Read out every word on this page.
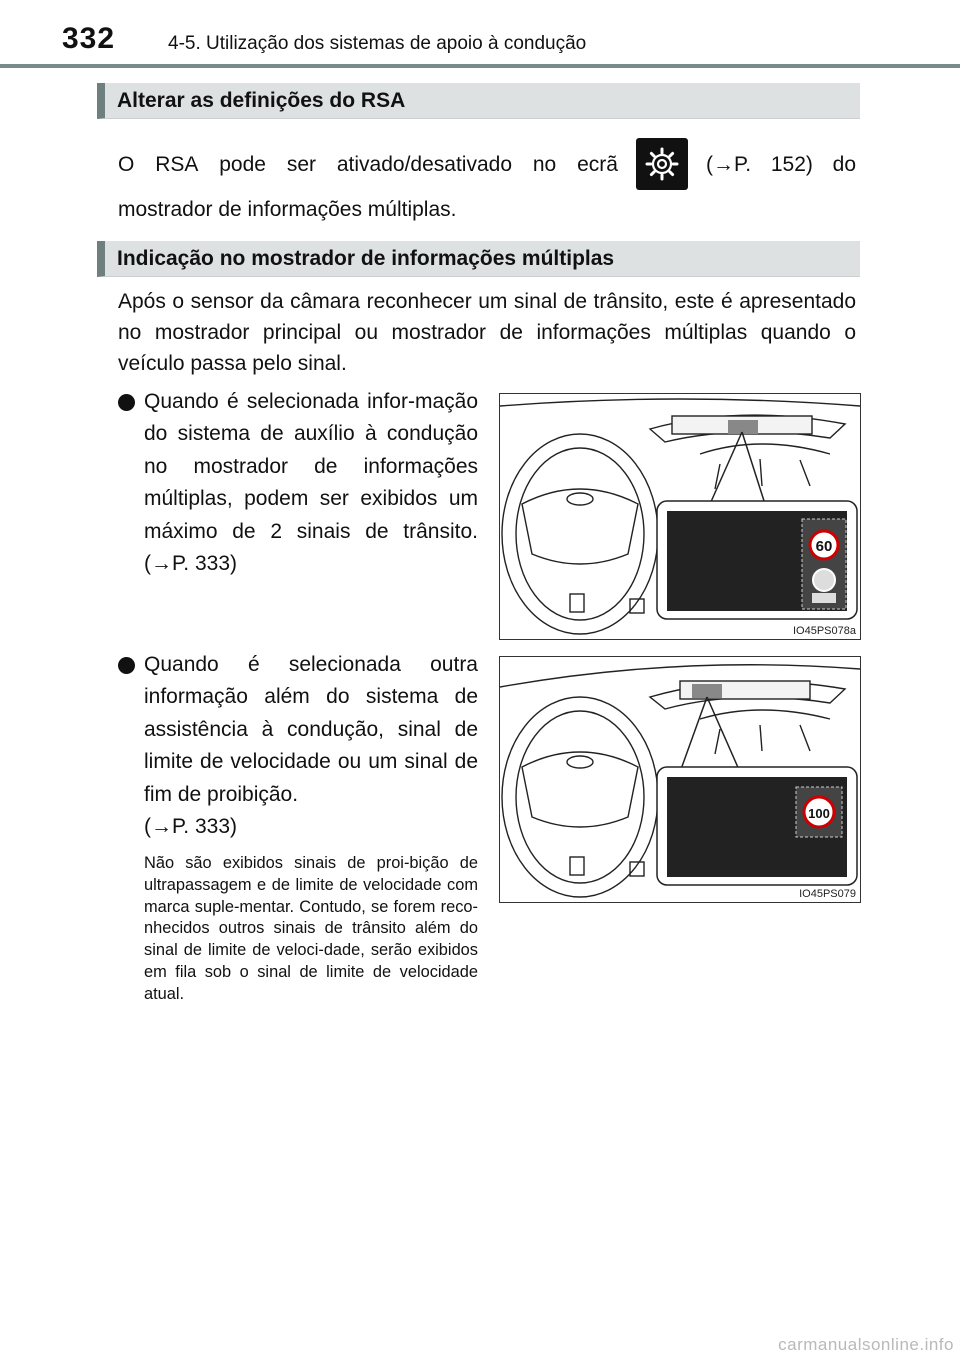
332	4-5. Utilização dos sistemas de apoio à condução
Alterar as definições do RSA
O RSA pode ser ativado/desativado no ecrã	(→P. 152) do
mostrador de informações múltiplas.
Indicação no mostrador de informações múltiplas
Após o sensor da câmara reconhecer um sinal de trânsito, este é apresentado no mostrador principal ou mostrador de informações múltiplas quando o veículo passa pelo sinal.
Quando é selecionada infor-mação do sistema de auxílio à condução no mostrador de informações múltiplas, podem ser exibidos um máximo de 2 sinais de trânsito. (→P. 333)
Quando é selecionada outra informação além do sistema de assistência à condução, sinal de limite de velocidade ou um sinal de fim de proibição.
(→P. 333)
Não são exibidos sinais de proi-bição de ultrapassagem e de limite de velocidade com marca suple-mentar. Contudo, se forem reco-nhecidos outros sinais de trânsito além do sinal de limite de veloci-dade, serão exibidos em fila sob o sinal de limite de velocidade atual.
60
IO45PS078a
100
IO45PS079
carmanualsonline.info
